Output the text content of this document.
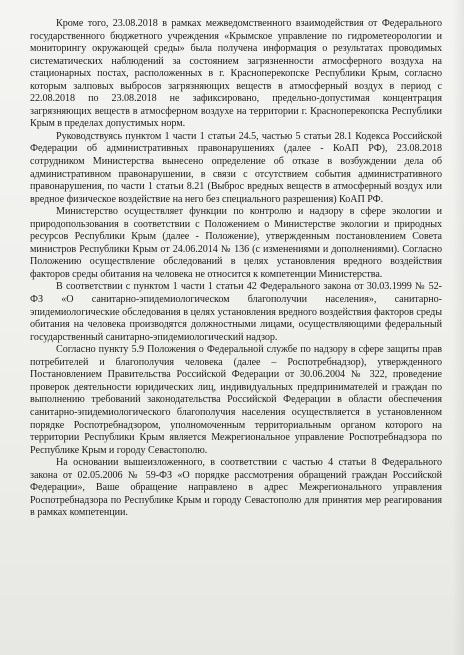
Кроме того, 23.08.2018 в рамках межведомственного взаимодействия от Федерального государственного бюджетного учреждения «Крымское управление по гидрометеорологии и мониторингу окружающей среды» была получена информация о результатах проводимых систематических наблюдений за состоянием загрязненности атмосферного воздуха на стационарных постах, расположенных в г. Красноперекопске Республики Крым, согласно которым залповых выбросов загрязняющих веществ в атмосферный воздух в период с 22.08.2018 по 23.08.2018 не зафиксировано, предельно-допустимая концентрация загрязняющих веществ в атмосферном воздухе на территории г. Красноперекопска Республики Крым в пределах допустимых норм.

Руководствуясь пунктом 1 части 1 статьи 24.5, частью 5 статьи 28.1 Кодекса Российской Федерации об административных правонарушениях (далее - КоАП РФ), 23.08.2018 сотрудником Министерства вынесено определение об отказе в возбуждении дела об административном правонарушении, в связи с отсутствием события административного правонарушения, по части 1 статьи 8.21 (Выброс вредных веществ в атмосферный воздух или вредное физическое воздействие на него без специального разрешения) КоАП РФ.

Министерство осуществляет функции по контролю и надзору в сфере экологии и природопользования в соответствии с Положением о Министерстве экологии и природных ресурсов Республики Крым (далее - Положение), утвержденным постановлением Совета министров Республики Крым от 24.06.2014 № 136 (с изменениями и дополнениями). Согласно Положению осуществление обследований в целях установления вредного воздействия факторов среды обитания на человека не относится к компетенции Министерства.

В соответствии с пунктом 1 части 1 статьи 42 Федерального закона от 30.03.1999 № 52-ФЗ «О санитарно-эпидемиологическом благополучии населения», санитарно-эпидемиологические обследования в целях установления вредного воздействия факторов среды обитания на человека производятся должностными лицами, осуществляющими федеральный государственный санитарно-эпидемиологический надзор.

Согласно пункту 5.9 Положения о Федеральной службе по надзору в сфере защиты прав потребителей и благополучия человека (далее – Роспотребнадзор), утвержденного Постановлением Правительства Российской Федерации от 30.06.2004 № 322, проведение проверок деятельности юридических лиц, индивидуальных предпринимателей и граждан по выполнению требований законодательства Российской Федерации в области обеспечения санитарно-эпидемиологического благополучия населения осуществляется в установленном порядке Роспотребнадзором, уполномоченным территориальным органом которого на территории Республики Крым является Межрегиональное управление Роспотребнадзора по Республике Крым и городу Севастополю.

На основании вышеизложенного, в соответствии с частью 4 статьи 8 Федерального закона от 02.05.2006 № 59-ФЗ «О порядке рассмотрения обращений граждан Российской Федерации», Ваше обращение направлено в адрес Межрегионального управления Роспотребнадзора по Республике Крым и городу Севастополю для принятия мер реагирования в рамках компетенции.
